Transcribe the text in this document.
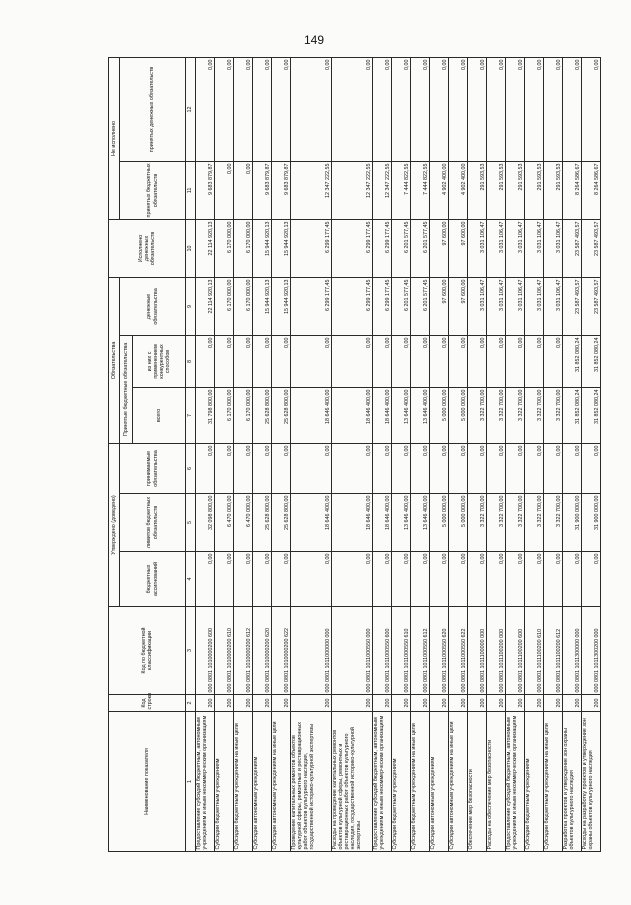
149
Наименование показателя	Код строки	Код по бюджетной классификации	Утверждено (доведено)			Обязательства			Исполнено денежных обязательств	Не исполнено	
			бюджетных ассигнований	лимитов бюджетных обязательств	принимаемые обязательства	Принятые бюджетные обязательства		денежные обязательства		принятых бюджетных обязательств	принятых денежных обязательств
						всего	из них с применением конкурентных способов				
1	2	3	4	5	6	7	8	9	10	11	12
Предоставление субсидий бюджетным, автономным учреждениям и иным некоммерческим организациям	200	000 0801 1010000200 600	0,00	32 098 800,00	0,00	31 798 800,00	0,00	22 114 920,13	22 114 920,13	9 683 879,87	0,00
Субсидии бюджетным учреждениям	200	000 0801 1010000200 610	0,00	6 470 000,00	0,00	6 170 000,00	0,00	6 170 000,00	6 170 000,00	0,00	0,00
Субсидии бюджетным учреждениям на иные цели	200	000 0801 1010000200 612	0,00	6 470 000,00	0,00	6 170 000,00	0,00	6 170 000,00	6 170 000,00	0,00	0,00
Субсидии автономным учреждениям	200	000 0801 1010000200 620	0,00	25 628 800,00	0,00	25 628 800,00	0,00	15 944 920,13	15 944 920,13	9 683 879,87	0,00
Субсидии автономным учреждениям на иные цели	200	000 0801 1010000200 622	0,00	25 628 800,00	0,00	25 628 800,00	0,00	15 944 920,13	15 944 920,13	9 683 879,87	0,00
Проведение капитальных ремонтов объектов культурной сферы, ремонтных и реставрационных работ объектов культурного наследия, государственной историко-культурной экспертизы	200	000 0801 1011000000 000	0,00	18 646 400,00	0,00	18 646 400,00	0,00	6 299 177,45	6 299 177,45	12 347 222,55	0,00
Расходы на проведение капитальных ремонтов объектов культурной сферы, ремонтных и реставрационных работ объектов культурного наследия, государственной историко-культурной экспертизы	200	000 0801 1011000550 000	0,00	18 646 400,00	0,00	18 646 400,00	0,00	6 299 177,45	6 299 177,45	12 347 222,55	0,00
Предоставление субсидий бюджетным, автономным учреждениям и иным некоммерческим организациям	200	000 0801 1011000550 600	0,00	18 646 400,00	0,00	18 646 400,00	0,00	6 299 177,45	6 299 177,45	12 347 222,55	0,00
Субсидии бюджетным учреждениям	200	000 0801 1011000550 610	0,00	13 646 400,00	0,00	13 646 400,00	0,00	6 201 577,45	6 201 577,45	7 444 822,55	0,00
Субсидии бюджетным учреждениям на иные цели	200	000 0801 1011000550 612	0,00	13 646 400,00	0,00	13 646 400,00	0,00	6 201 577,45	6 201 577,45	7 444 822,55	0,00
Субсидии автономным учреждениям	200	000 0801 1011000550 620	0,00	5 000 000,00	0,00	5 000 000,00	0,00	97 600,00	97 600,00	4 902 400,00	0,00
Субсидии автономным учреждениям на иные цели	200	000 0801 1011000550 622	0,00	5 000 000,00	0,00	5 000 000,00	0,00	97 600,00	97 600,00	4 902 400,00	0,00
Обеспечение мер безопасности	200	000 0801 1011100000 000	0,00	3 322 700,00	0,00	3 322 700,00	0,00	3 031 106,47	3 031 106,47	291 593,53	0,00
Расходы на обеспечение мер безопасности	200	000 0801 1011100200 000	0,00	3 322 700,00	0,00	3 322 700,00	0,00	3 031 106,47	3 031 106,47	291 593,53	0,00
Предоставление субсидий бюджетным, автономным учреждениям и иным некоммерческим организациям	200	000 0801 1011100200 600	0,00	3 322 700,00	0,00	3 322 700,00	0,00	3 031 106,47	3 031 106,47	291 593,53	0,00
Субсидии бюджетным учреждениям	200	000 0801 1011100200 610	0,00	3 322 700,00	0,00	3 322 700,00	0,00	3 031 106,47	3 031 106,47	291 593,53	0,00
Субсидии бюджетным учреждениям на иные цели	200	000 0801 1011100200 612	0,00	3 322 700,00	0,00	3 322 700,00	0,00	3 031 106,47	3 031 106,47	291 593,53	0,00
Разработка проектов и утверждение зон охраны объектов культурного наследия	200	000 0801 1011300000 000	0,00	31 900 000,00	0,00	31 852 080,24	31 852 080,24	23 587 493,57	23 587 493,57	8 264 586,67	0,00
Расходы на разработку проектов и утверждение зон охраны объектов культурного наследия	200	000 0801 1011300200 000	0,00	31 900 000,00	0,00	31 852 080,24	31 852 080,24	23 587 493,57	23 587 493,57	8 264 586,67	0,00
